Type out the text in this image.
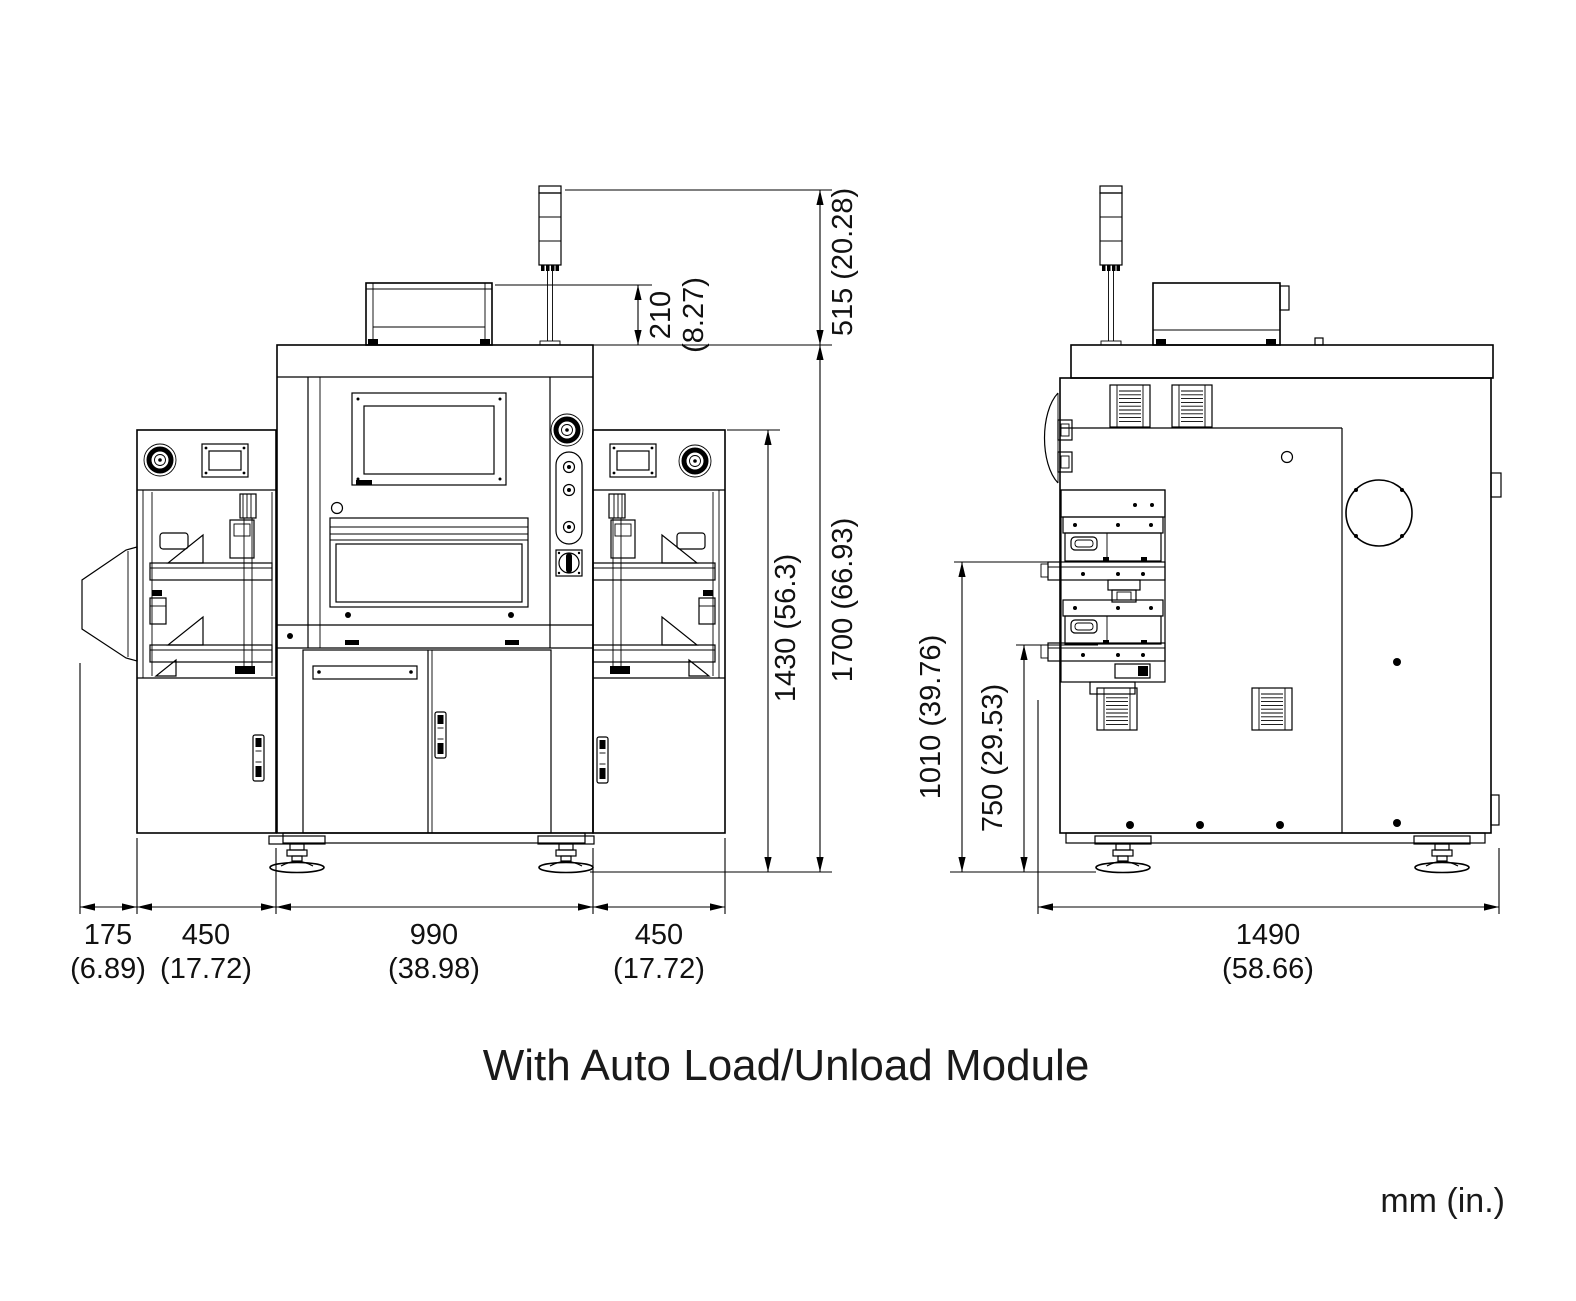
210 (8.27)	515 (20.28)
1700 (66.93)
1430 (56.3)
175
(6.89)
450
(17.72)
990
(38.98)
450
(17.72)
1010 (39.76) 750 (29.53)
1490
(58.66)
With Auto Load/Unload Module
mm (in.)
